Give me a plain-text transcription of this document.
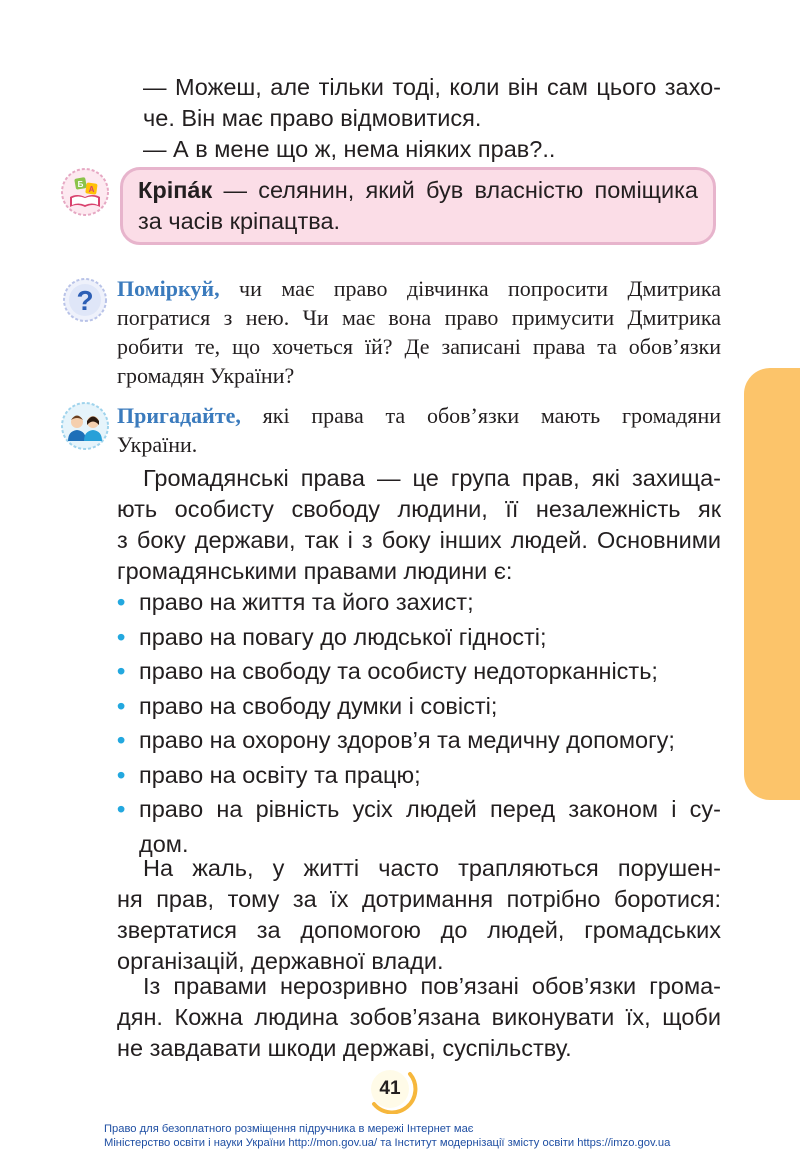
— Можеш, але тільки тоді, коли він сам цього захо-
че. Він має право відмовитися.
— А в мене що ж, нема ніяких прав?..
Б
А Кріпáк — селянин, який був власністю поміщика
за часів кріпацтва.
? Поміркуй, чи має право дівчинка попросити Дмитрика
погратися з нею. Чи має вона право примусити Дмитрика
робити те, що хочеться їй? Де записані права та обов’язки
громадян України?
Пригадайте, які права та обов’язки мають громадяни
України.
Громадянські права — це група прав, які захища-
ють особисту свободу людини, її незалежність як
з боку держави, так і з боку інших людей. Основними
громадянськими правами людини є:
• право на життя та його захист;
• право на повагу до людської гідності;
• право на свободу та особисту недоторканність;
• право на свободу думки і совісті;
• право на охорону здоров’я та медичну допомогу;
• право на освіту та працю;
• право на рівність усіх людей перед законом і су-
дом.
На жаль, у житті часто трапляються порушен-
ня прав, тому за їх дотримання потрібно боротися:
звертатися за допомогою до людей, громадських
організацій, державної влади.
Із правами нерозривно пов’язані обов’язки грома-
дян. Кожна людина зобов’язана виконувати їх, щоби
не завдавати шкоди державі, суспільству.
41
Право для безоплатного розміщення підручника в мережі Інтернет має
Міністерство освіти і науки України http://mon.gov.ua/ та Інститут модернізації змісту освіти https://imzo.gov.ua
